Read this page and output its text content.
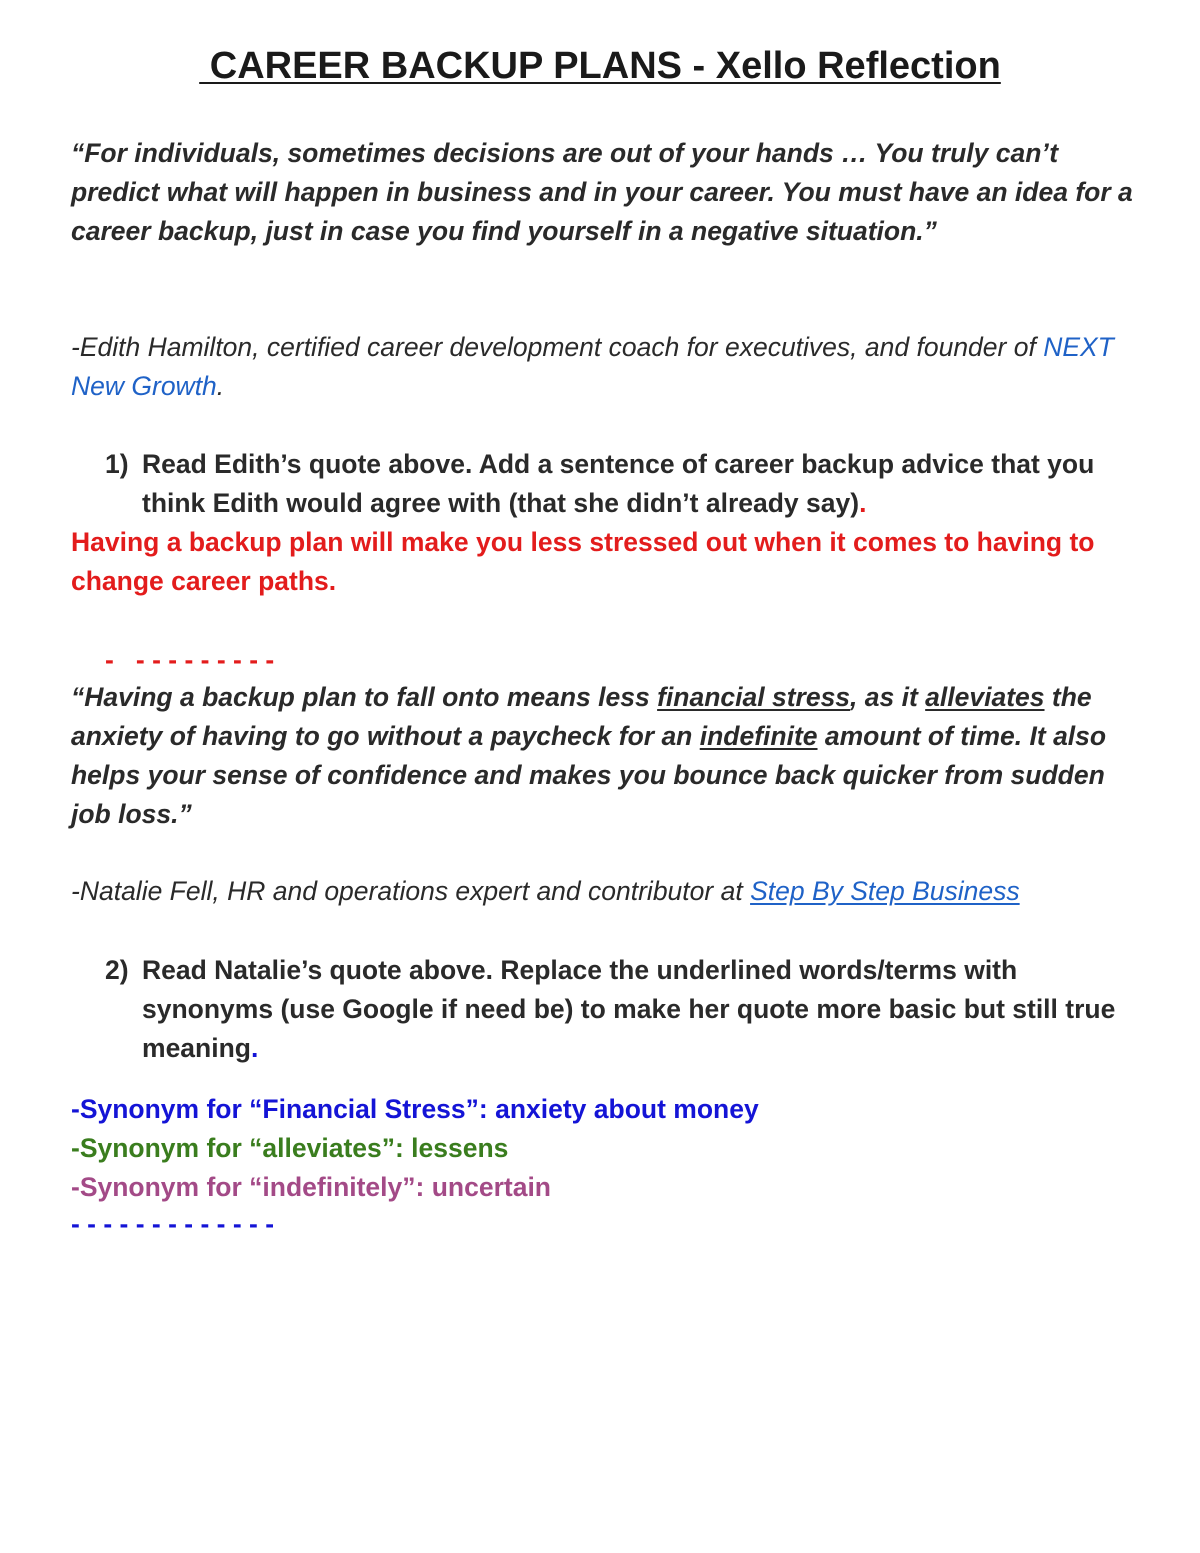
CAREER BACKUP PLANS - Xello Reflection

“For individuals, sometimes decisions are out of your hands … You truly can’t predict what will happen in business and in your career. You must have an idea for a career backup, just in case you find yourself in a negative situation.”

-Edith Hamilton, certified career development coach for executives, and founder of NEXT New Growth.

1) Read Edith’s quote above. Add a sentence of career backup advice that you think Edith would agree with (that she didn’t already say).

Having a backup plan will make you less stressed out when it comes to having to change career paths.

-   - - - - - - - - -

“Having a backup plan to fall onto means less financial stress, as it alleviates the anxiety of having to go without a paycheck for an indefinite amount of time. It also helps your sense of confidence and makes you bounce back quicker from sudden job loss.”

-Natalie Fell, HR and operations expert and contributor at Step By Step Business

2) Read Natalie’s quote above. Replace the underlined words/terms with synonyms (use Google if need be) to make her quote more basic but still true meaning.
-Synonym for “Financial Stress”: anxiety about money
-Synonym for “alleviates”: lessens
-Synonym for “indefinitely”: uncertain
- - - - - - - - - - - - -
